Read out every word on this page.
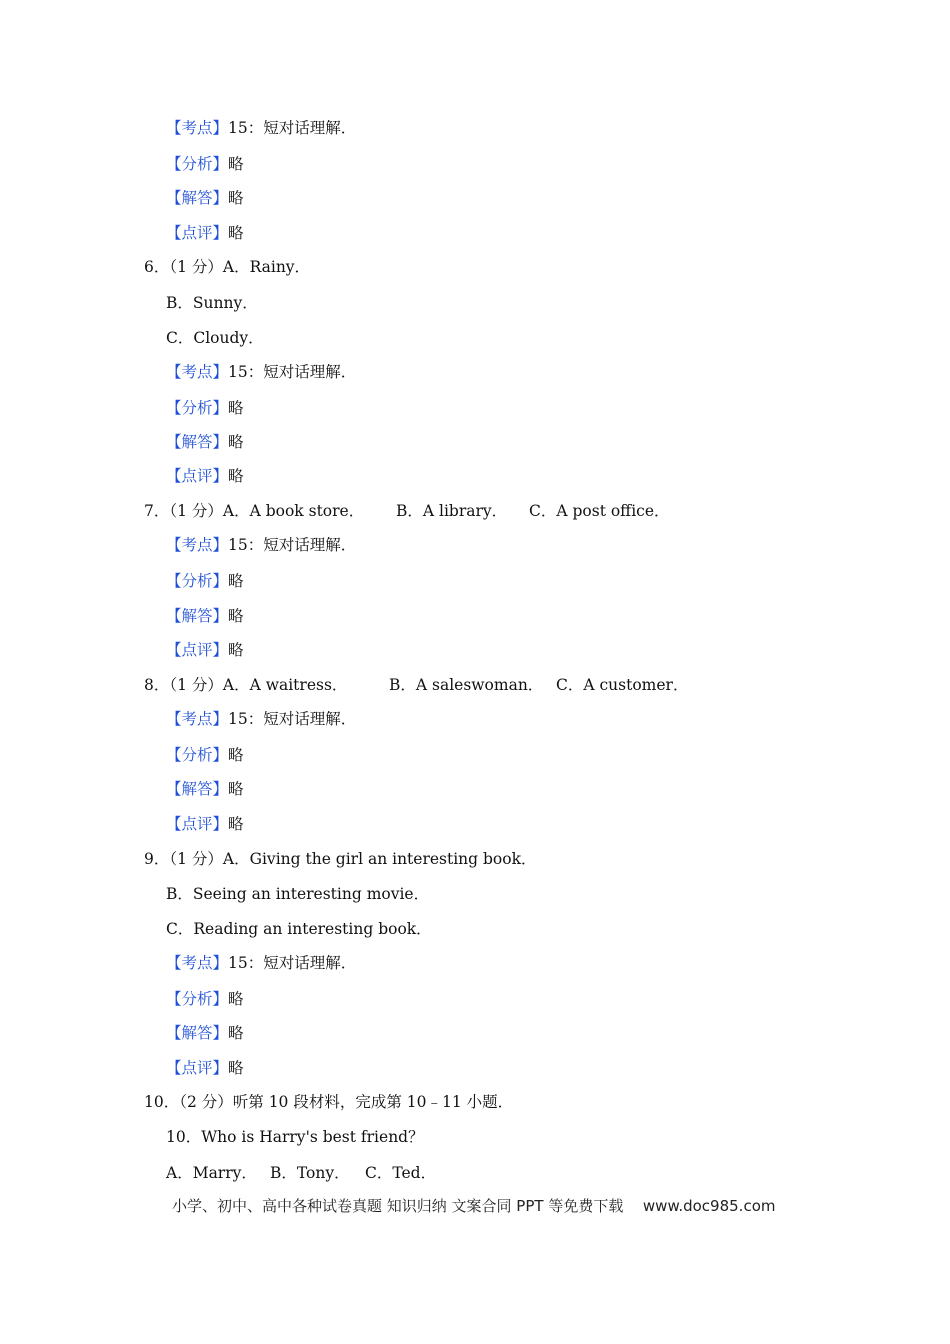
【考点】15：短对话理解．
【分析】略
【解答】略
【点评】略
6．（1 分）A．Rainy．
B．Sunny．
C．Cloudy．
【考点】15：短对话理解．
【分析】略
【解答】略
【点评】略
7．（1 分）A．A book store． B．A library． C．A post office．
【考点】15：短对话理解．
【分析】略
【解答】略
【点评】略
8．（1 分）A．A waitress．	B．A saleswoman． C．A customer．
【考点】15：短对话理解．
【分析】略
【解答】略
【点评】略
9．（1 分）A．Giving the girl an interesting book．
B．Seeing an interesting movie．
C．Reading an interesting book．
【考点】15：短对话理解．
【分析】略
【解答】略
【点评】略
10．（2 分）听第 10 段材料，完成第 10﹣11 小题．
10．Who is Harry's best friend？
A．Marry． B．Tony． C．Ted．
小学、初中、高中各种试卷真题 知识归纳 文案合同 PPT 等免费下载 www.doc985.com
